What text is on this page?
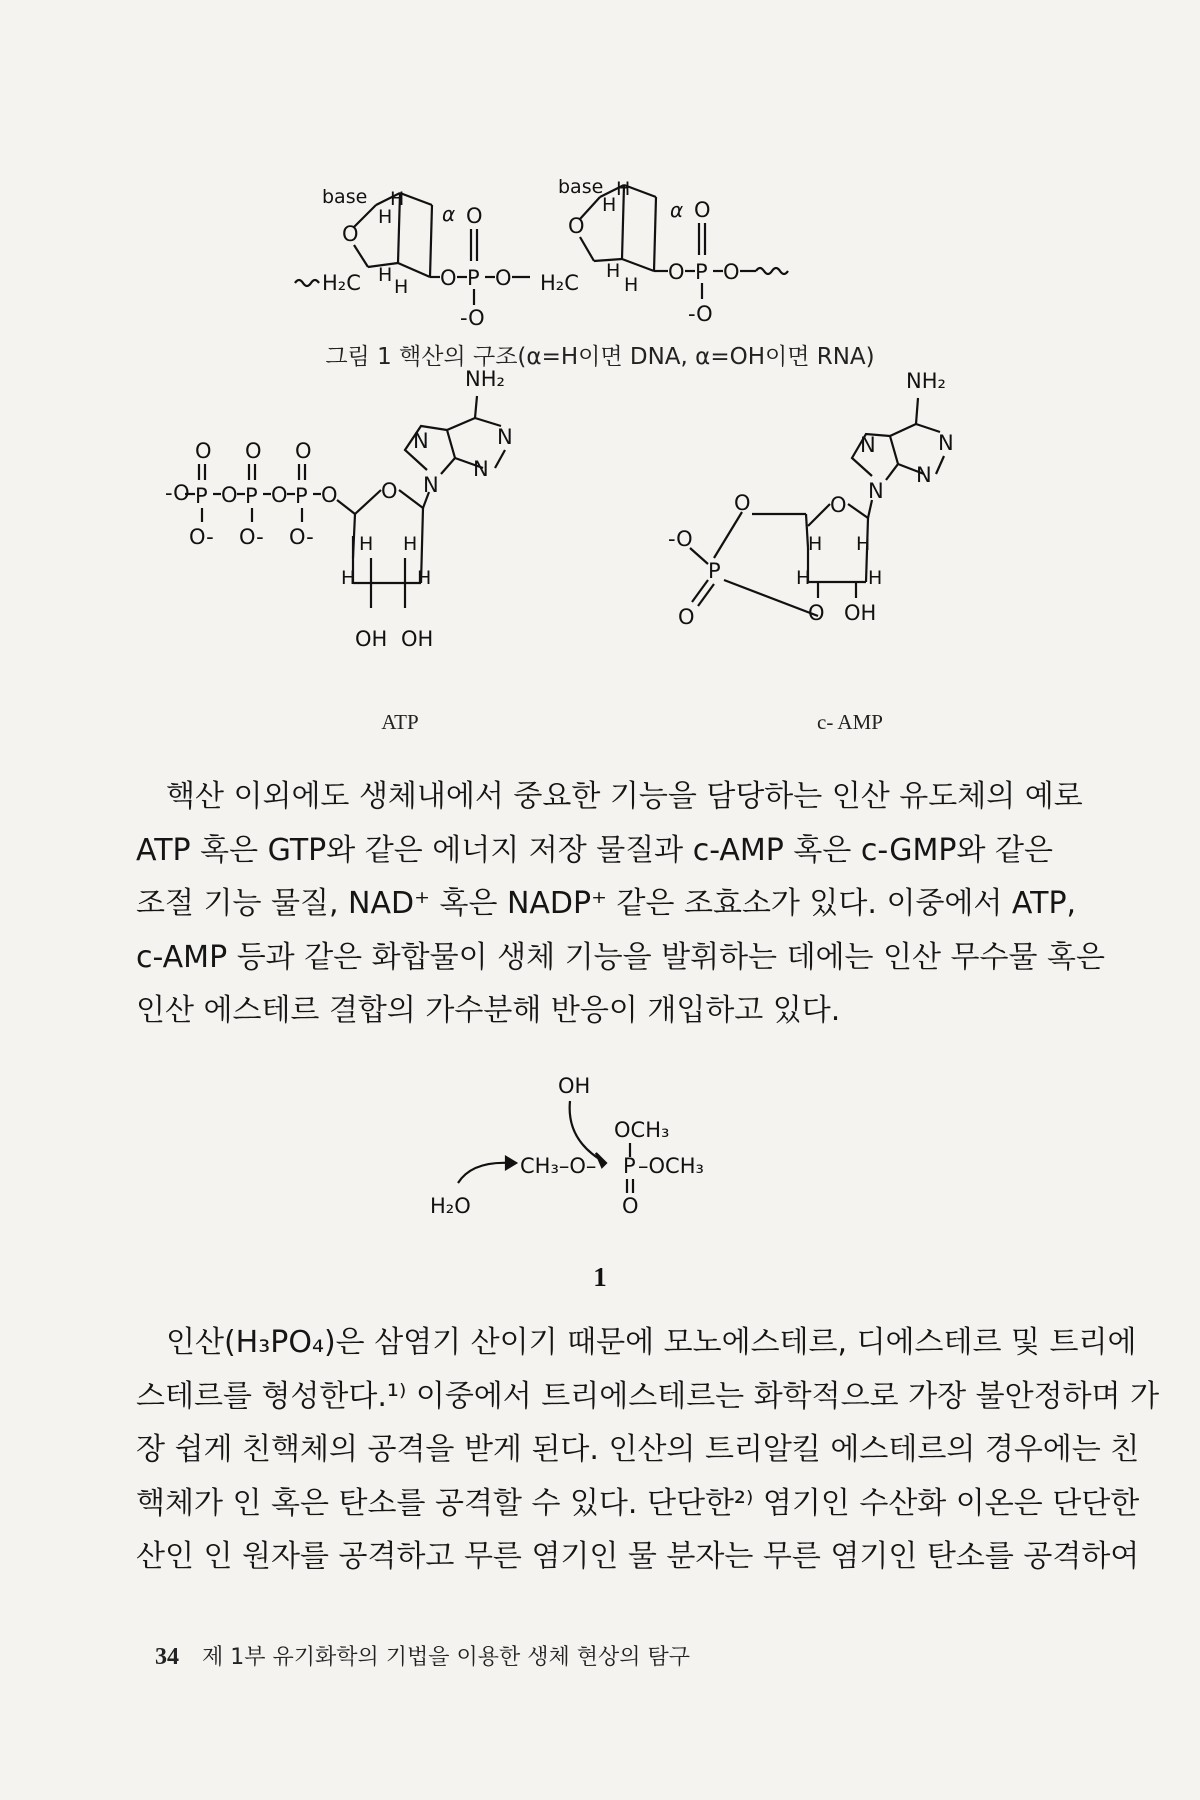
H₂C
base
O
H
H
H
H
α
O P
O
-O
O H₂C
base
O
H
H
H
H
α
O P
O
-O
O
그림 1 핵산의 구조(α=H이면 DNA, α=OH이면 RNA)
-O P
O
O-
O P
O
O-
O P
O
O-
O O
H H
H	H
OH OH
N
N
N
N
NH₂
ATP
-O
P
O
O	O
O OH
H H
H	H
N
N
N
N
NH₂
c- AMP
핵산 이외에도 생체내에서 중요한 기능을 담당하는 인산 유도체의 예로
ATP 혹은 GTP와 같은 에너지 저장 물질과 c-AMP 혹은 c-GMP와 같은
조절 기능 물질, NAD⁺ 혹은 NADP⁺ 같은 조효소가 있다. 이중에서 ATP,
c-AMP 등과 같은 화합물이 생체 기능을 발휘하는 데에는 인산 무수물 혹은
인산 에스테르 결합의 가수분해 반응이 개입하고 있다.
OH
OCH₃
CH₃–O– P –OCH₃
O
H₂O
1
인산(H₃PO₄)은 삼염기 산이기 때문에 모노에스테르, 디에스테르 및 트리에
스테르를 형성한다.¹⁾ 이중에서 트리에스테르는 화학적으로 가장 불안정하며 가
장 쉽게 친핵체의 공격을 받게 된다. 인산의 트리알킬 에스테르의 경우에는 친
핵체가 인 혹은 탄소를 공격할 수 있다. 단단한²⁾ 염기인 수산화 이온은 단단한
산인 인 원자를 공격하고 무른 염기인 물 분자는 무른 염기인 탄소를 공격하여
34 제 1부 유기화학의 기법을 이용한 생체 현상의 탐구
